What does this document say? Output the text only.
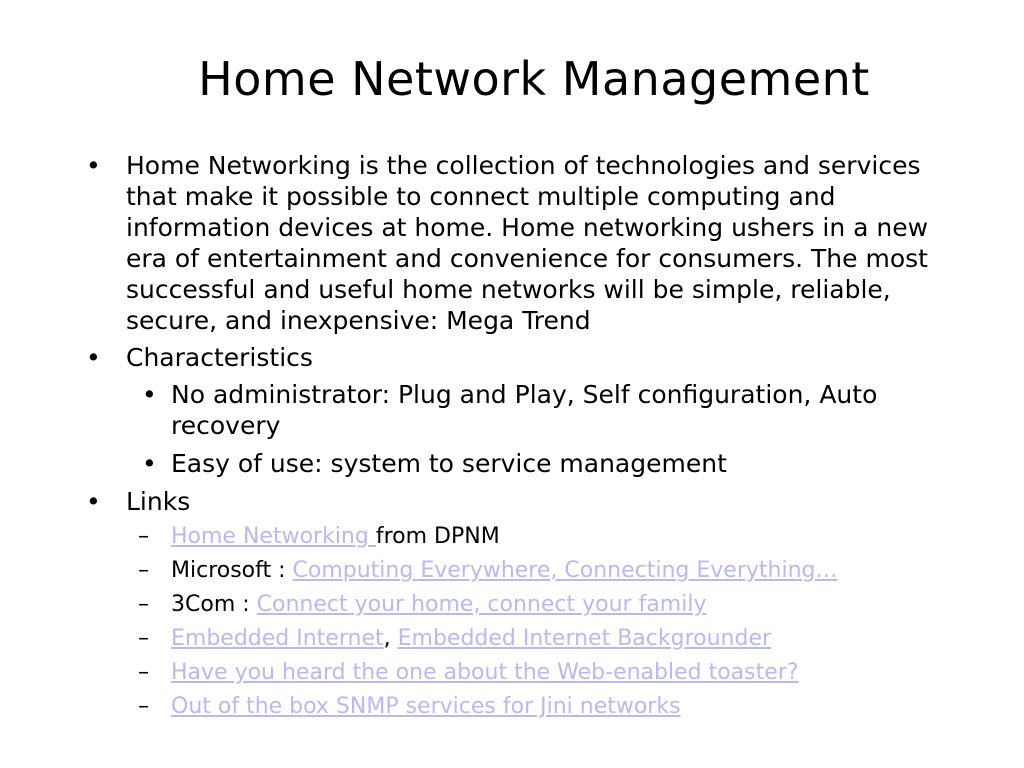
Home Network Management
• Home Networking is the collection of technologies and services that make it possible to connect multiple computing and information devices at home. Home networking ushers in a new era of entertainment and convenience for consumers. The most successful and useful home networks will be simple, reliable, secure, and inexpensive: Mega Trend
• Characteristics
• No administrator: Plug and Play, Self configuration, Auto recovery
• Easy of use: system to service management
• Links
– Home Networking from DPNM
– Microsoft : Computing Everywhere, Connecting Everything…
– 3Com : Connect your home, connect your family
– Embedded Internet, Embedded Internet Backgrounder
– Have you heard the one about the Web-enabled toaster?
– Out of the box SNMP services for Jini networks
